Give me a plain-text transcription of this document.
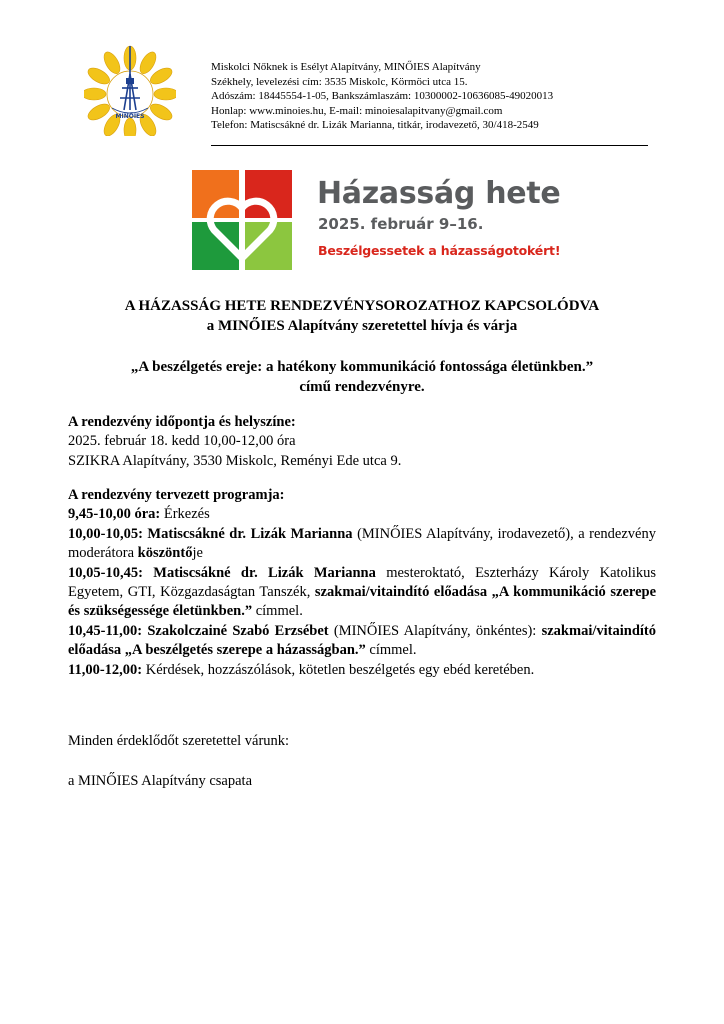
MINŐIES
Miskolci Nőknek is Esélyt Alapítvány, MINŐIES Alapítvány
Székhely, levelezési cím: 3535 Miskolc, Körmöci utca 15.
Adószám: 18445554-1-05, Bankszámlaszám: 10300002-10636085-49020013
Honlap: www.minoies.hu, E-mail: minoiesalapitvany@gmail.com
Telefon: Matiscsákné dr. Lizák Marianna, titkár, irodavezető, 30/418-2549
Házasság hete
2025. február 9–16.
Beszélgessetek a házasságotokért!
A HÁZASSÁG HETE RENDEZVÉNYSOROZATHOZ KAPCSOLÓDVA
a MINŐIES Alapítvány szeretettel hívja és várja
„A beszélgetés ereje: a hatékony kommunikáció fontossága életünkben.”
című rendezvényre.
A rendezvény időpontja és helyszíne:
2025. február 18. kedd 10,00-12,00 óra
SZIKRA Alapítvány, 3530 Miskolc, Reményi Ede utca 9.
A rendezvény tervezett programja:
9,45-10,00 óra: Érkezés
10,00-10,05: Matiscsákné dr. Lizák Marianna (MINŐIES Alapítvány, irodavezető), a rendezvény moderátora köszöntője
10,05-10,45: Matiscsákné dr. Lizák Marianna mesteroktató, Eszterházy Károly Katolikus Egyetem, GTI, Közgazdaságtan Tanszék, szakmai/vitaindító előadása „A kommunikáció szerepe és szükségessége életünkben.” címmel.
10,45-11,00: Szakolczainé Szabó Erzsébet (MINŐIES Alapítvány, önkéntes): szakmai/vitaindító előadása „A beszélgetés szerepe a házasságban.” címmel.
11,00-12,00: Kérdések, hozzászólások, kötetlen beszélgetés egy ebéd keretében.
Minden érdeklődőt szeretettel várunk:
a MINŐIES Alapítvány csapata
